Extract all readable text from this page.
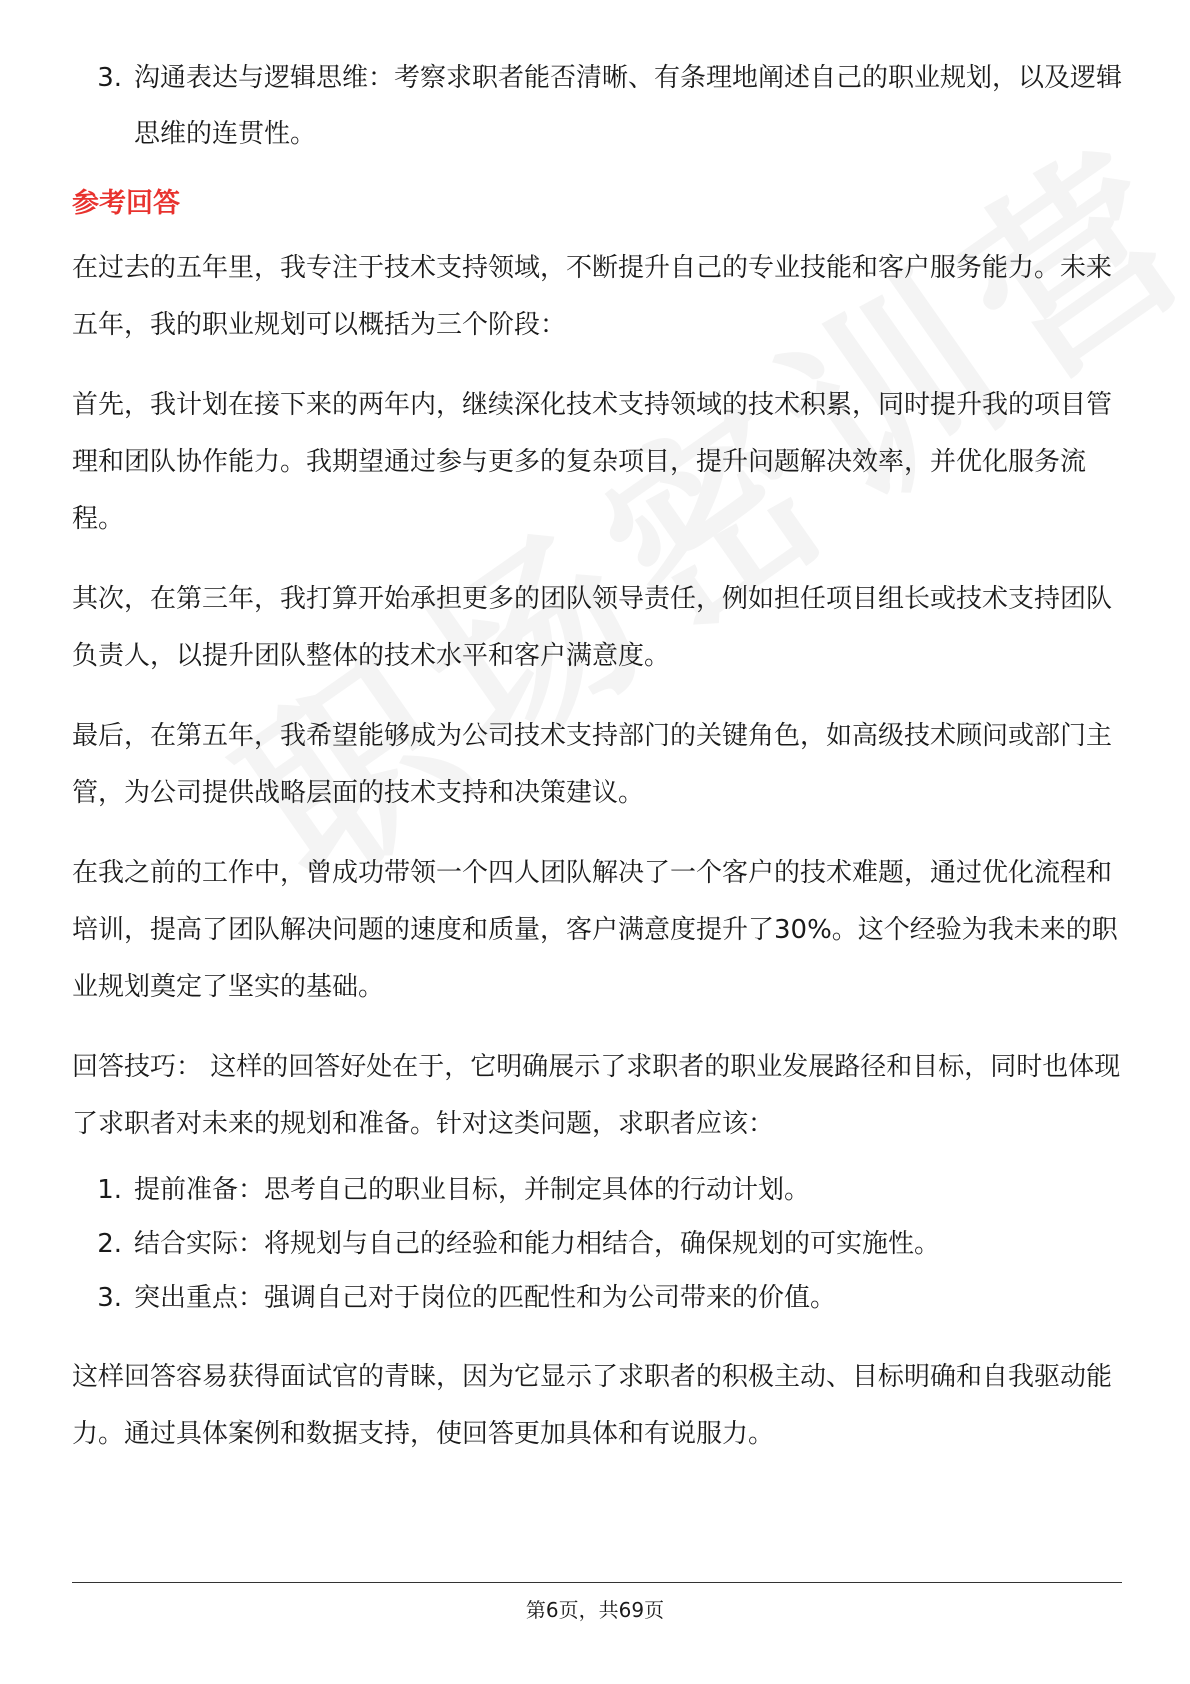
3. 沟通表达与逻辑思维：考察求职者能否清晰、有条理地阐述自己的职业规划，以及逻辑思维的连贯性。
参考回答

在过去的五年里，我专注于技术支持领域，不断提升自己的专业技能和客户服务能力。未来五年，我的职业规划可以概括为三个阶段：

首先，我计划在接下来的两年内，继续深化技术支持领域的技术积累，同时提升我的项目管理和团队协作能力。我期望通过参与更多的复杂项目，提升问题解决效率，并优化服务流程。

其次，在第三年，我打算开始承担更多的团队领导责任，例如担任项目组长或技术支持团队负责人，以提升团队整体的技术水平和客户满意度。

最后，在第五年，我希望能够成为公司技术支持部门的关键角色，如高级技术顾问或部门主管，为公司提供战略层面的技术支持和决策建议。

在我之前的工作中，曾成功带领一个四人团队解决了一个客户的技术难题，通过优化流程和培训，提高了团队解决问题的速度和质量，客户满意度提升了30%。这个经验为我未来的职业规划奠定了坚实的基础。

回答技巧： 这样的回答好处在于，它明确展示了求职者的职业发展路径和目标，同时也体现了求职者对未来的规划和准备。针对这类问题，求职者应该：

1. 提前准备：思考自己的职业目标，并制定具体的行动计划。
2. 结合实际：将规划与自己的经验和能力相结合，确保规划的可实施性。
3. 突出重点：强调自己对于岗位的匹配性和为公司带来的价值。

这样回答容易获得面试官的青睐，因为它显示了求职者的积极主动、目标明确和自我驱动能力。通过具体案例和数据支持，使回答更加具体和有说服力。

第6页，共69页
